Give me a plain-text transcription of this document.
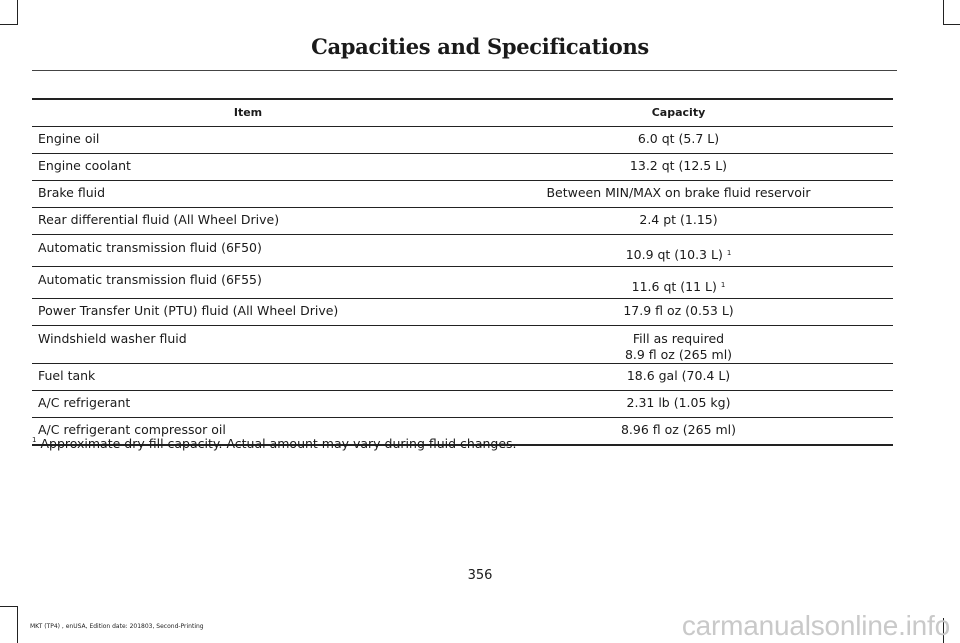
Capacities and Specifications
Item	Capacity
Engine oil	6.0 qt (5.7 L)
Engine coolant	13.2 qt (12.5 L)
Brake fluid	Between MIN/MAX on brake fluid reservoir
Rear differential fluid (All Wheel Drive)	2.4 pt (1.15)
Automatic transmission fluid (6F50)	10.9 qt (10.3 L) $^1$
Automatic transmission fluid (6F55)	11.6 qt (11 L) $^1$
Power Transfer Unit (PTU) fluid (All Wheel Drive)	17.9 fl oz (0.53 L)
Windshield washer fluid	Fill as required
8.9 fl oz (265 ml)

Fuel tank	18.6 gal (70.4 L)
A/C refrigerant	2.31 lb (1.05 kg)
A/C refrigerant compressor oil	8.96 fl oz (265 ml)
$^1$ Approximate dry fill capacity. Actual amount may vary during fluid changes.
356
MKT (TP4) , enUSA, Edition date: 201803, Second-Printing	carmanualsonline.info
